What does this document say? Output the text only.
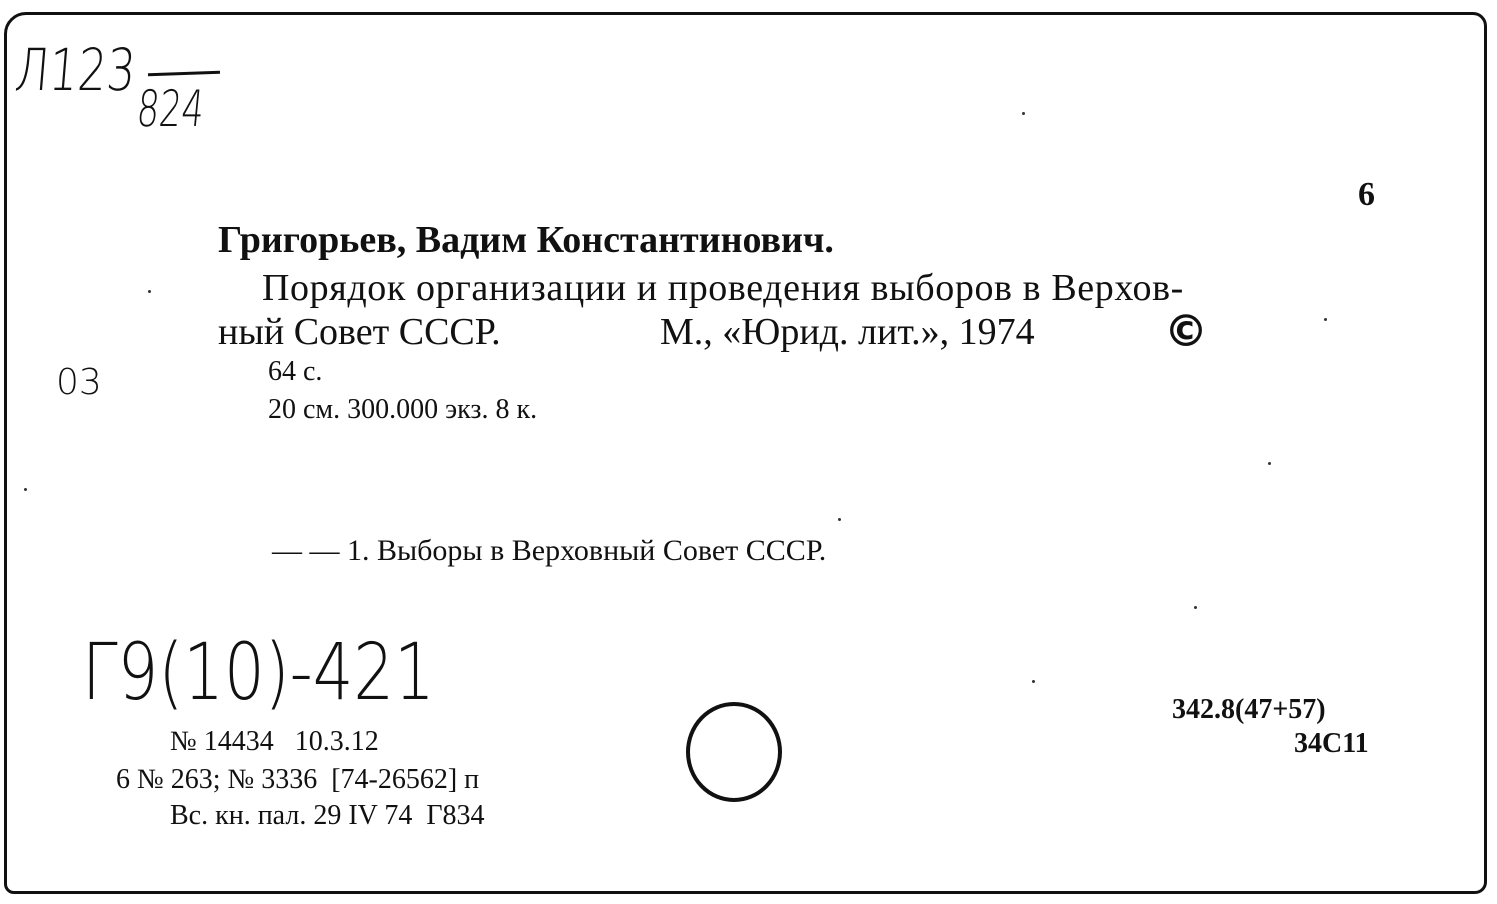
Л123
824
03
Г9(10)-421
6
Григорьев, Вадим Константинович.
Порядок организации и проведения выборов в Верхов-
ный Совет СССР.	М., «Юрид. лит.», 1974	©
64 с.
20 см. 300.000 экз. 8 к.
— — 1. Выборы в Верховный Совет СССР.
№ 14434   10.3.12
6 № 263; № 3336  [74-26562] п
Вс. кн. пал. 29 IV 74  Г834
342.8(47+57)
34С11
